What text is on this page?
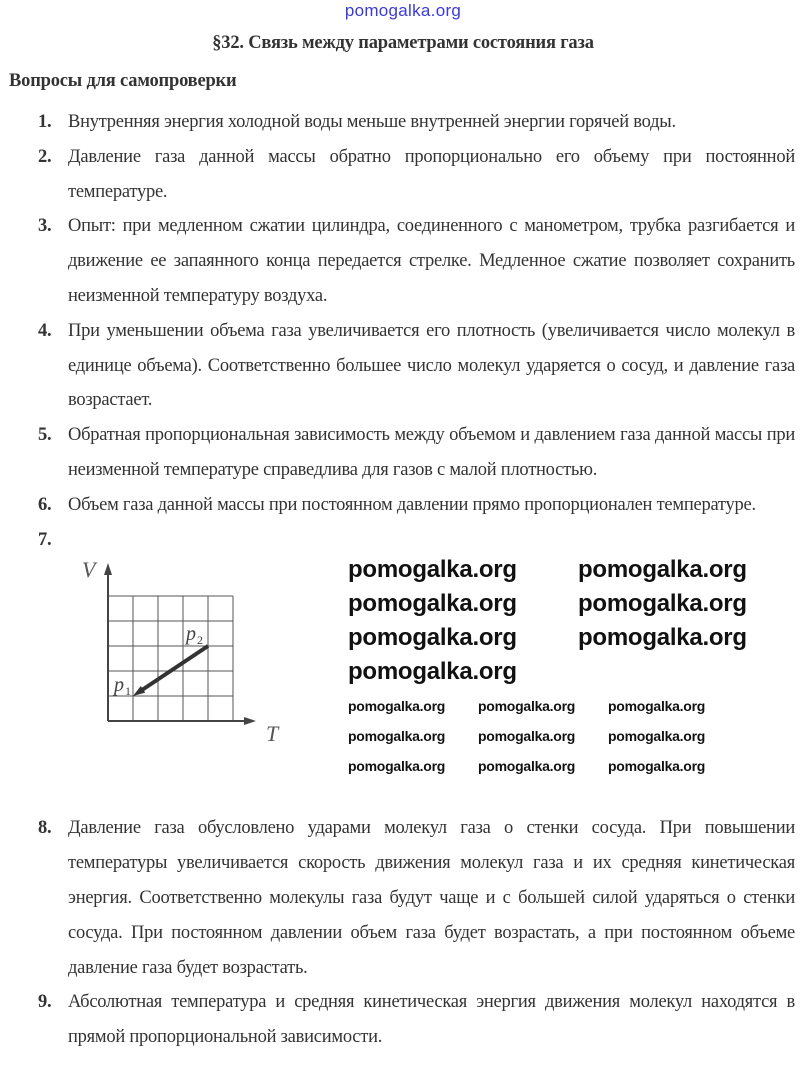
pomogalka.org
§32. Связь между параметрами состояния газа
Вопросы для самопроверки
1. Внутренняя энергия холодной воды меньше внутренней энергии горячей воды.
2. Давление газа данной массы обратно пропорционально его объему при постоянной температуре.
3. Опыт: при медленном сжатии цилиндра, соединенного с манометром, трубка разгибается и движение ее запаянного конца передается стрелке. Медленное сжатие позволяет сохранить неизменной температуру воздуха.
4. При уменьшении объема газа увеличивается его плотность (увеличивается число молекул в единице объема). Соответственно большее число молекул ударяется о сосуд, и давление газа возрастает.
5. Обратная пропорциональная зависимость между объемом и давлением газа данной массы при неизменной температуре справедлива для газов с малой плотностью.
6. Объем газа данной массы при постоянном давлении прямо пропорционален температуре.
7.
V
T
p 1
p 2
pomogalka.org	pomogalka.org
pomogalka.org	pomogalka.org
pomogalka.org	pomogalka.org
pomogalka.org
pomogalka.org pomogalka.org pomogalka.org
pomogalka.org pomogalka.org pomogalka.org
pomogalka.org pomogalka.org pomogalka.org
8. Давление газа обусловлено ударами молекул газа о стенки сосуда. При повышении температуры увеличивается скорость движения молекул газа и их средняя кинетическая энергия. Соответственно молекулы газа будут чаще и с большей силой ударяться о стенки сосуда. При постоянном давлении объем газа будет возрастать, а при постоянном объеме давление газа будет возрастать.
9. Абсолютная температура и средняя кинетическая энергия движения молекул находятся в прямой пропорциональной зависимости.
